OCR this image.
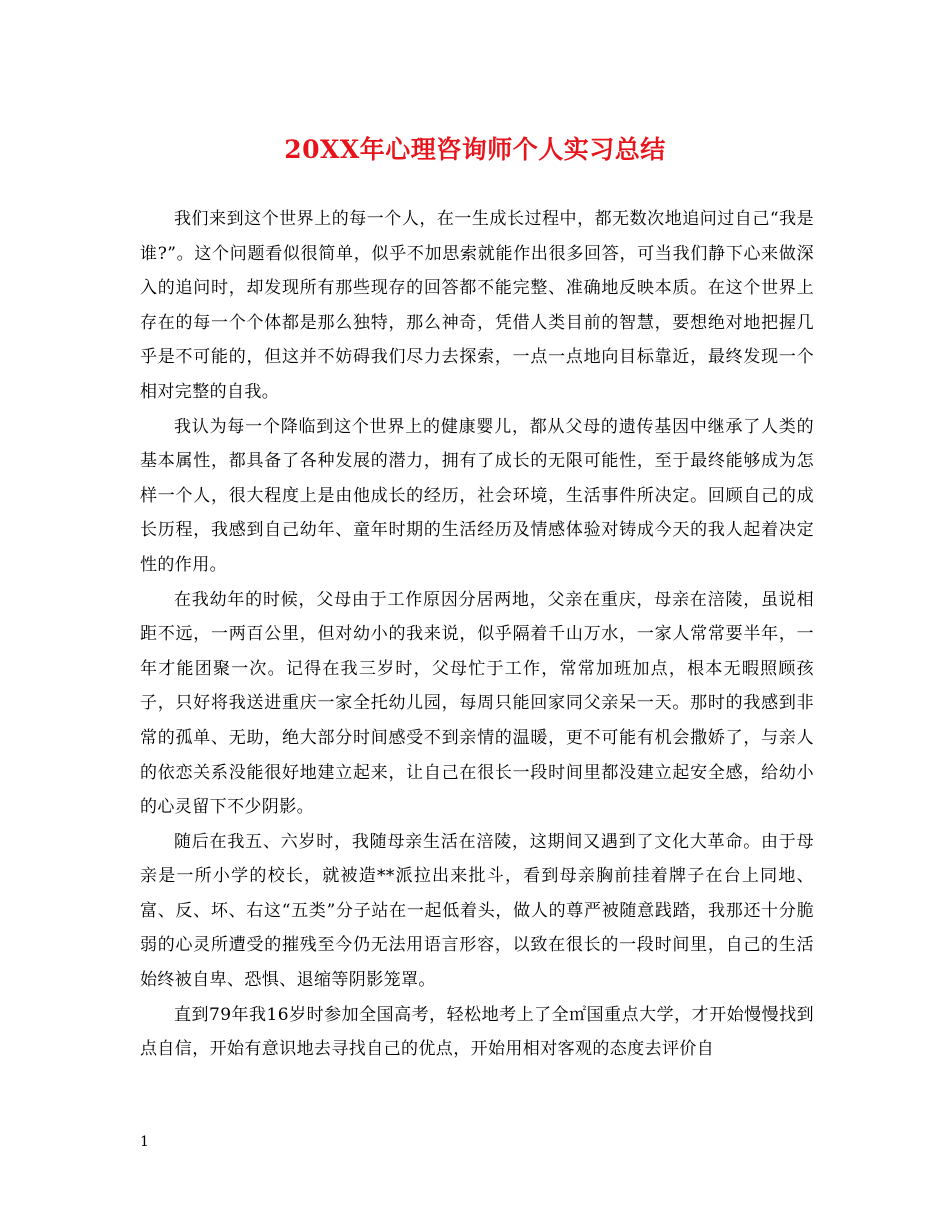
20XX年心理咨询师个人实习总结

我们来到这个世界上的每一个人，在一生成长过程中，都无数次地追问过自己“我是谁?”。这个问题看似很简单，似乎不加思索就能作出很多回答，可当我们静下心来做深入的追问时，却发现所有那些现存的回答都不能完整、准确地反映本质。在这个世界上存在的每一个个体都是那么独特，那么神奇，凭借人类目前的智慧，要想绝对地把握几乎是不可能的，但这并不妨碍我们尽力去探索，一点一点地向目标靠近，最终发现一个相对完整的自我。

我认为每一个降临到这个世界上的健康婴儿，都从父母的遗传基因中继承了人类的基本属性，都具备了各种发展的潜力，拥有了成长的无限可能性，至于最终能够成为怎样一个人，很大程度上是由他成长的经历，社会环境，生活事件所决定。回顾自己的成长历程，我感到自己幼年、童年时期的生活经历及情感体验对铸成今天的我人起着决定性的作用。

在我幼年的时候，父母由于工作原因分居两地，父亲在重庆，母亲在涪陵，虽说相距不远，一两百公里，但对幼小的我来说，似乎隔着千山万水，一家人常常要半年，一年才能团聚一次。记得在我三岁时，父母忙于工作，常常加班加点，根本无暇照顾孩子，只好将我送进重庆一家全托幼儿园，每周只能回家同父亲呆一天。那时的我感到非常的孤单、无助，绝大部分时间感受不到亲情的温暖，更不可能有机会撒娇了，与亲人的依恋关系没能很好地建立起来，让自己在很长一段时间里都没建立起安全感，给幼小的心灵留下不少阴影。

随后在我五、六岁时，我随母亲生活在涪陵，这期间又遇到了文化大革命。由于母亲是一所小学的校长，就被造**派拉出来批斗，看到母亲胸前挂着牌子在台上同地、富、反、坏、右这“五类”分子站在一起低着头，做人的尊严被随意践踏，我那还十分脆弱的心灵所遭受的摧残至今仍无法用语言形容，以致在很长的一段时间里，自己的生活始终被自卑、恐惧、退缩等阴影笼罩。

直到79年我16岁时参加全国高考，轻松地考上了全㎡国重点大学，才开始慢慢找到点自信，开始有意识地去寻找自己的优点，开始用相对客观的态度去评价自

1
